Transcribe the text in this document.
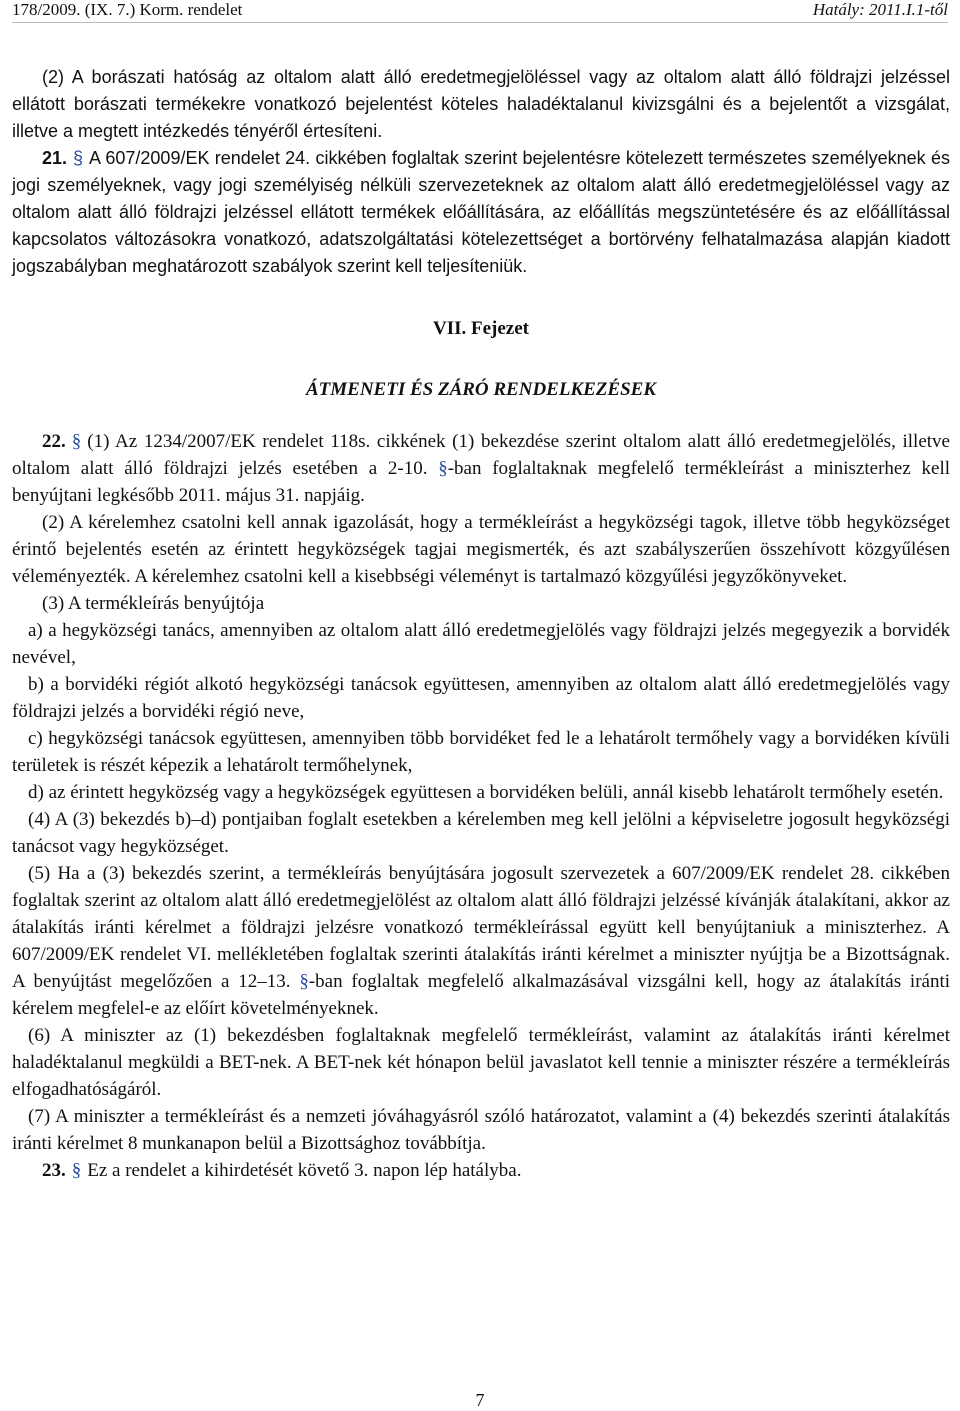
178/2009. (IX. 7.) Korm. rendelet	Hatály: 2011.I.1-től

(2) A borászati hatóság az oltalom alatt álló eredetmegjelöléssel vagy az oltalom alatt álló földrajzi jelzéssel ellátott borászati termékekre vonatkozó bejelentést köteles haladéktalanul kivizsgálni és a bejelentőt a vizsgálat, illetve a megtett intézkedés tényéről értesíteni.

21. § A 607/2009/EK rendelet 24. cikkében foglaltak szerint bejelentésre kötelezett természetes személyeknek és jogi személyeknek, vagy jogi személyiség nélküli szervezeteknek az oltalom alatt álló eredetmegjelöléssel vagy az oltalom alatt álló földrajzi jelzéssel ellátott termékek előállítására, az előállítás megszüntetésére és az előállítással kapcsolatos változásokra vonatkozó, adatszolgáltatási kötelezettséget a bortörvény felhatalmazása alapján kiadott jogszabályban meghatározott szabályok szerint kell teljesíteniük.

VII. Fejezet
ÁTMENETI ÉS ZÁRÓ RENDELKEZÉSEK

22. § (1) Az 1234/2007/EK rendelet 118s. cikkének (1) bekezdése szerint oltalom alatt álló eredetmegjelölés, illetve oltalom alatt álló földrajzi jelzés esetében a 2-10. §-ban foglaltaknak megfelelő termékleírást a miniszterhez kell benyújtani legkésőbb 2011. május 31. napjáig.

(2) A kérelemhez csatolni kell annak igazolását, hogy a termékleírást a hegyközségi tagok, illetve több hegyközséget érintő bejelentés esetén az érintett hegyközségek tagjai megismerték, és azt szabályszerűen összehívott közgyűlésen véleményezték. A kérelemhez csatolni kell a kisebbségi véleményt is tartalmazó közgyűlési jegyzőkönyveket.

(3) A termékleírás benyújtója

a) a hegyközségi tanács, amennyiben az oltalom alatt álló eredetmegjelölés vagy földrajzi jelzés megegyezik a borvidék nevével,

b) a borvidéki régiót alkotó hegyközségi tanácsok együttesen, amennyiben az oltalom alatt álló eredetmegjelölés vagy földrajzi jelzés a borvidéki régió neve,

c) hegyközségi tanácsok együttesen, amennyiben több borvidéket fed le a lehatárolt termőhely vagy a borvidéken kívüli területek is részét képezik a lehatárolt termőhelynek,

d) az érintett hegyközség vagy a hegyközségek együttesen a borvidéken belüli, annál kisebb lehatárolt termőhely esetén.

(4) A (3) bekezdés b)–d) pontjaiban foglalt esetekben a kérelemben meg kell jelölni a képviseletre jogosult hegyközségi tanácsot vagy hegyközséget.

(5) Ha a (3) bekezdés szerint, a termékleírás benyújtására jogosult szervezetek a 607/2009/EK rendelet 28. cikkében foglaltak szerint az oltalom alatt álló eredetmegjelölést az oltalom alatt álló földrajzi jelzéssé kívánják átalakítani, akkor az átalakítás iránti kérelmet a földrajzi jelzésre vonatkozó termékleírással együtt kell benyújtaniuk a miniszterhez. A 607/2009/EK rendelet VI. mellékletében foglaltak szerinti átalakítás iránti kérelmet a miniszter nyújtja be a Bizottságnak. A benyújtást megelőzően a 12–13. §-ban foglaltak megfelelő alkalmazásával vizsgálni kell, hogy az átalakítás iránti kérelem megfelel-e az előírt követelményeknek.

(6) A miniszter az (1) bekezdésben foglaltaknak megfelelő termékleírást, valamint az átalakítás iránti kérelmet haladéktalanul megküldi a BET-nek. A BET-nek két hónapon belül javaslatot kell tennie a miniszter részére a termékleírás elfogadhatóságáról.

(7) A miniszter a termékleírást és a nemzeti jóváhagyásról szóló határozatot, valamint a (4) bekezdés szerinti átalakítás iránti kérelmet 8 munkanapon belül a Bizottsághoz továbbítja.

23. § Ez a rendelet a kihirdetését követő 3. napon lép hatályba.

7
